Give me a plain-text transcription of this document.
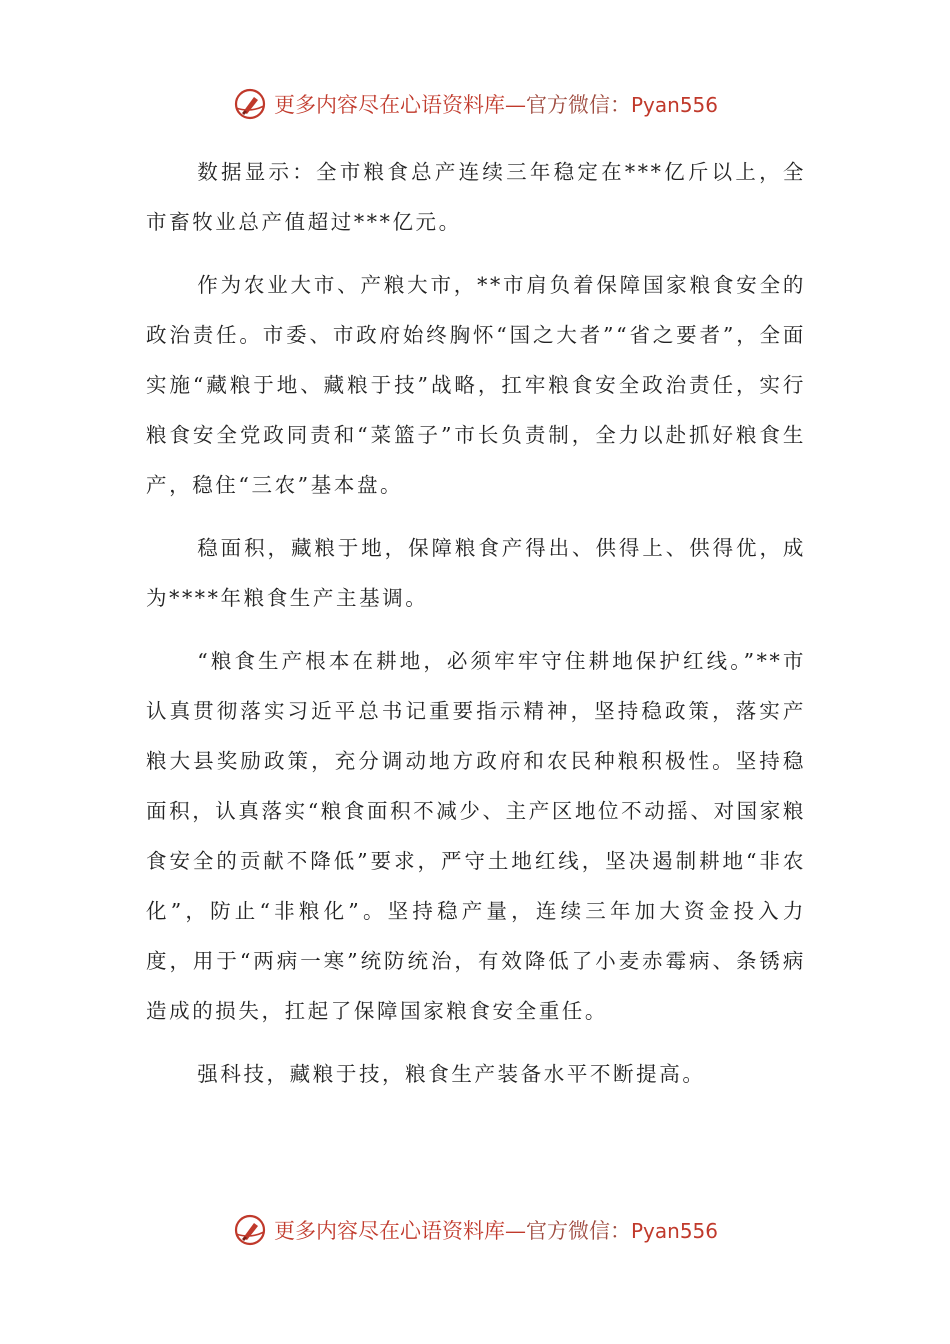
更多内容尽在心语资料库—官方微信：Pyan556

数据显示：全市粮食总产连续三年稳定在***亿斤以上，全市畜牧业总产值超过***亿元。

作为农业大市、产粮大市，**市肩负着保障国家粮食安全的政治责任。市委、市政府始终胸怀“国之大者”“省之要者”，全面实施“藏粮于地、藏粮于技”战略，扛牢粮食安全政治责任，实行粮食安全党政同责和“菜篮子”市长负责制，全力以赴抓好粮食生产，稳住“三农”基本盘。

稳面积，藏粮于地，保障粮食产得出、供得上、供得优，成为****年粮食生产主基调。

“粮食生产根本在耕地，必须牢牢守住耕地保护红线。”**市认真贯彻落实习近平总书记重要指示精神，坚持稳政策，落实产粮大县奖励政策，充分调动地方政府和农民种粮积极性。坚持稳面积，认真落实“粮食面积不减少、主产区地位不动摇、对国家粮食安全的贡献不降低”要求，严守土地红线，坚决遏制耕地“非农化”，防止“非粮化”。坚持稳产量，连续三年加大资金投入力度，用于“两病一寒”统防统治，有效降低了小麦赤霉病、条锈病造成的损失，扛起了保障国家粮食安全重任。

强科技，藏粮于技，粮食生产装备水平不断提高。

更多内容尽在心语资料库—官方微信：Pyan556
